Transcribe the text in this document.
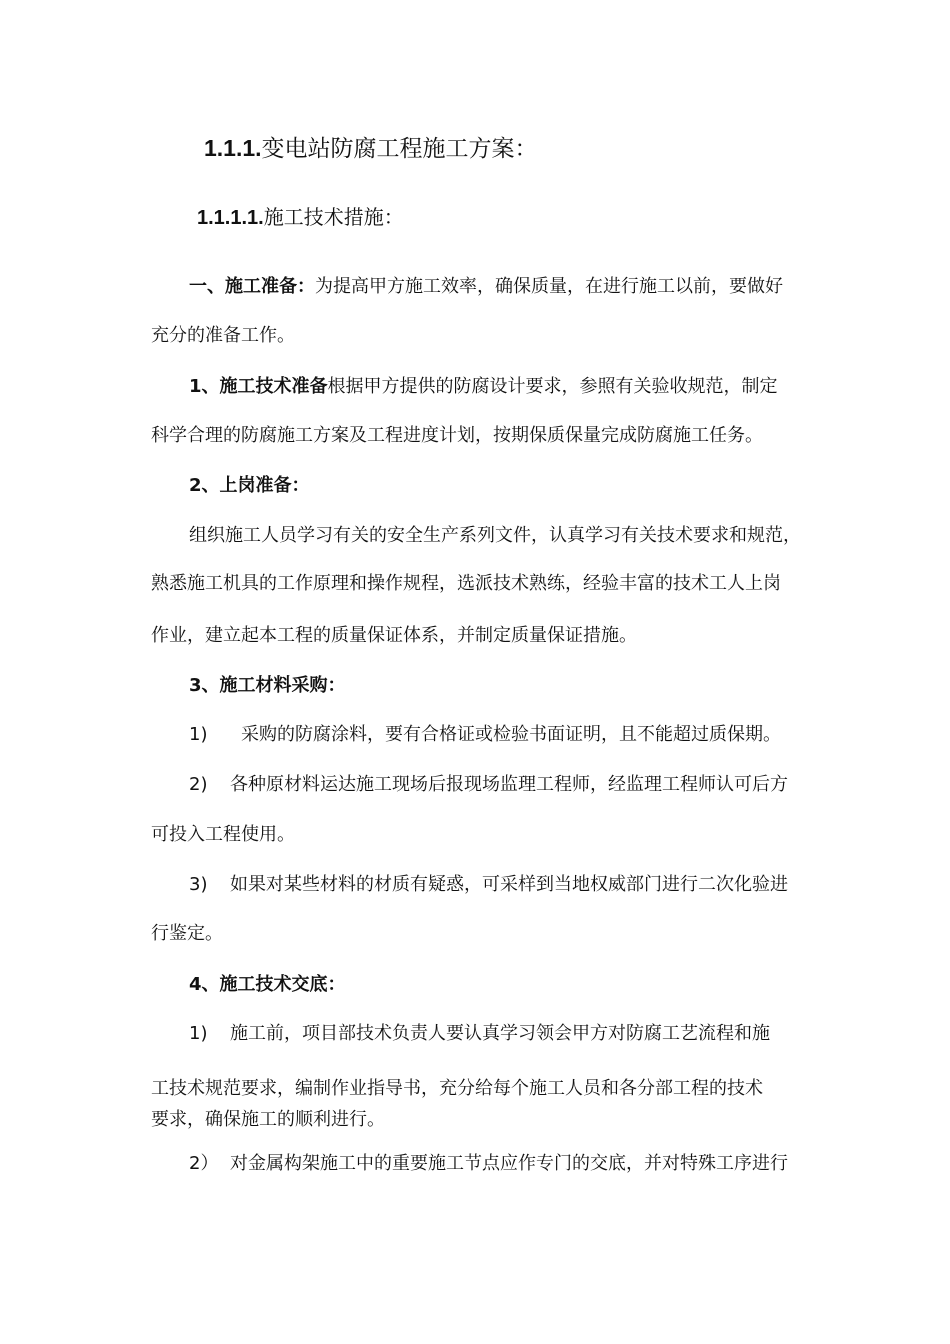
1.1.1.变电站防腐工程施工方案：
1.1.1.1.施工技术措施：
一、施工准备：为提高甲方施工效率，确保质量，在进行施工以前，要做好
充分的准备工作。
1、施工技术准备根据甲方提供的防腐设计要求，参照有关验收规范，制定
科学合理的防腐施工方案及工程进度计划，按期保质保量完成防腐施工任务。
2、上岗准备：
组织施工人员学习有关的安全生产系列文件，认真学习有关技术要求和规范，
熟悉施工机具的工作原理和操作规程，选派技术熟练，经验丰富的技术工人上岗
作业，建立起本工程的质量保证体系，并制定质量保证措施。
3、施工材料采购：
1) 采购的防腐涂料，要有合格证或检验书面证明，且不能超过质保期。
2) 各种原材料运达施工现场后报现场监理工程师，经监理工程师认可后方
可投入工程使用。
3) 如果对某些材料的材质有疑惑，可采样到当地权威部门进行二次化验进
行鉴定。
4、施工技术交底：
1) 施工前，项目部技术负责人要认真学习领会甲方对防腐工艺流程和施
工技术规范要求，编制作业指导书，充分给每个施工人员和各分部工程的技术
要求，确保施工的顺利进行。
2） 对金属构架施工中的重要施工节点应作专门的交底，并对特殊工序进行
